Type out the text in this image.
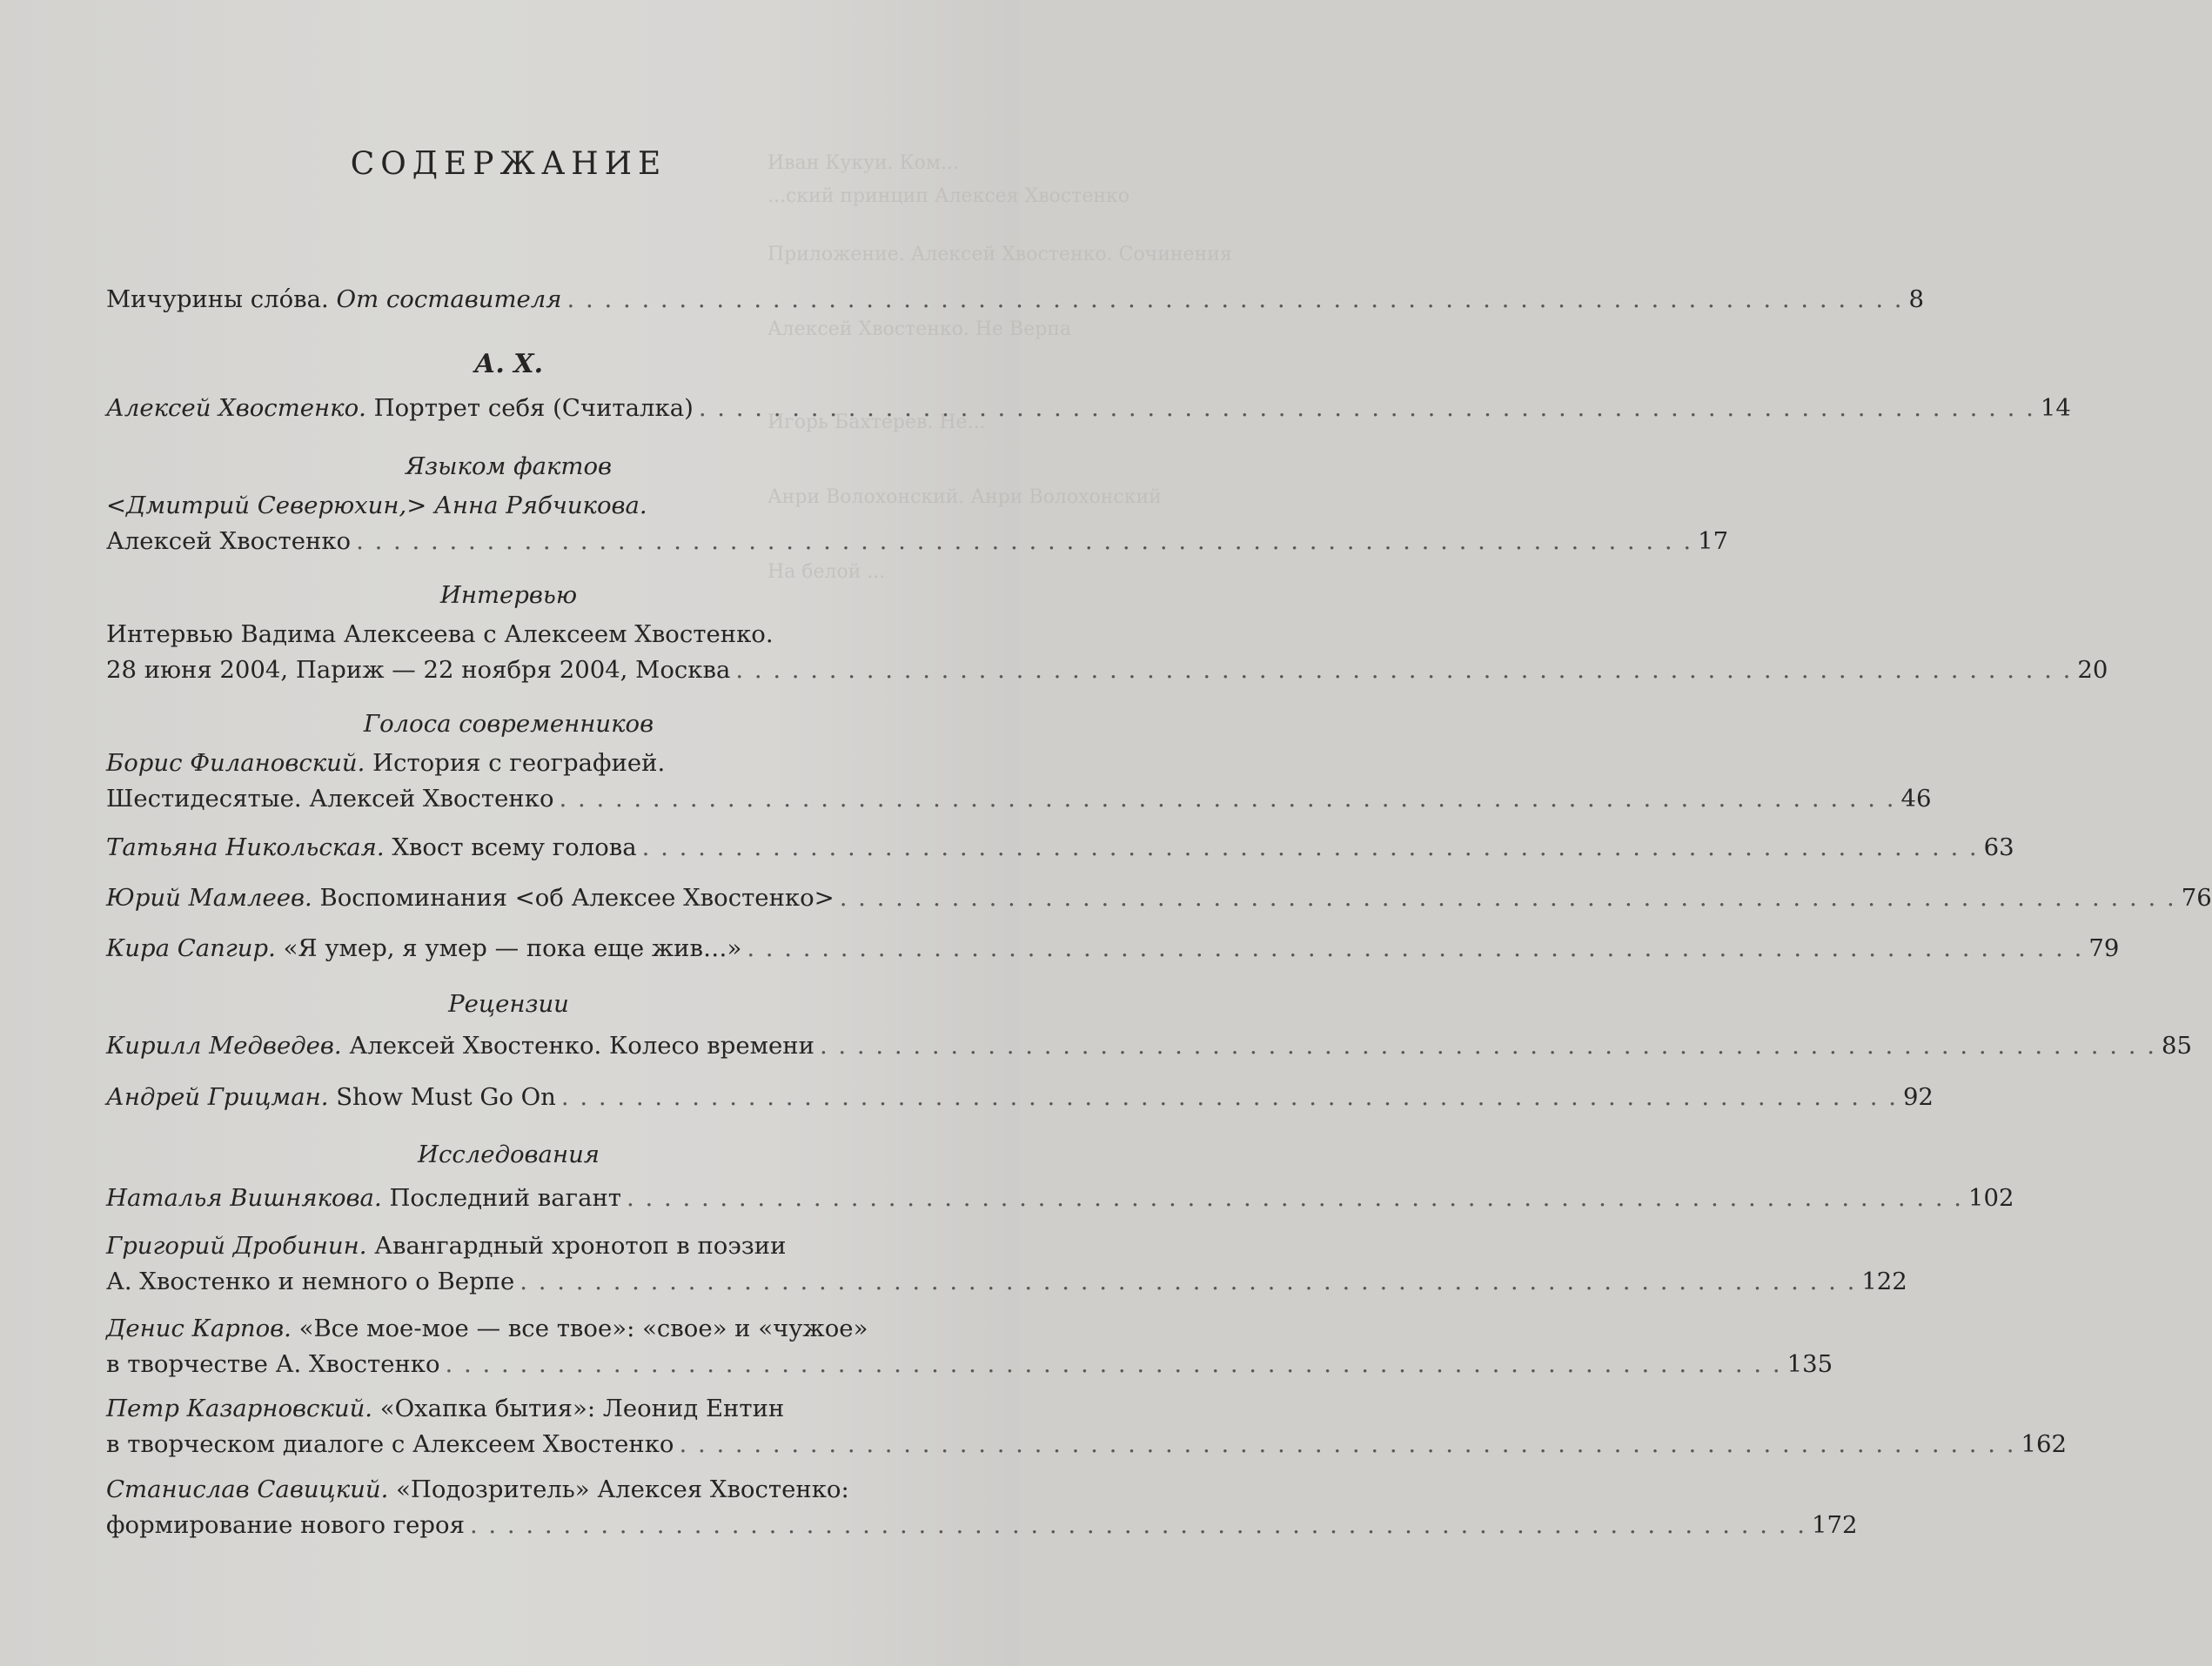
Иван Кукуи. Ком...
...ский принцип Алексея Хвостенко
Приложение. Алексей Хвостенко. Сочинения
Алексей Хвостенко. Не Верпа
Игорь Бахтерев. Не...
Анри Волохонский. Анри Волохонский
На белой ...
СОДЕРЖАНИЕ
Мичурины сло́ва. От составителя . . .	8
А. Х.
Алексей Хвостенко. Портрет себя (Считалка) . . .	14
Языком фактов
<Дмитрий Северюхин,> Анна Рябчикова.
Алексей Хвостенко . . .	17
Интервью
Интервью Вадима Алексеева с Алексеем Хвостенко.
28 июня 2004, Париж — 22 ноября 2004, Москва . . .	20
Голоса современников
Борис Филановский. История с географией.
Шестидесятые. Алексей Хвостенко . . .	46
Татьяна Никольская. Хвост всему голова . . .	63
Юрий Мамлеев. Воспоминания <об Алексее Хвостенко> . . .	76
Кира Сапгир. «Я умер, я умер — пока еще жив…» . . .	79
Рецензии
Кирилл Медведев. Алексей Хвостенко. Колесо времени . . .	85
Андрей Грицман. Show Must Go On . . .	92
Исследования
Наталья Вишнякова. Последний вагант . . .	102
Григорий Дробинин. Авангардный хронотоп в поэзии
А. Хвостенко и немного о Верпе . . .	122
Денис Карпов. «Все мое-мое — все твое»: «свое» и «чужое»
в творчестве А. Хвостенко . . .	135
Петр Казарновский. «Охапка бытия»: Леонид Ентин
в творческом диалоге с Алексеем Хвостенко . . .	162
Станислав Савицкий. «Подозритель» Алексея Хвостенко:
формирование нового героя . . .	172
